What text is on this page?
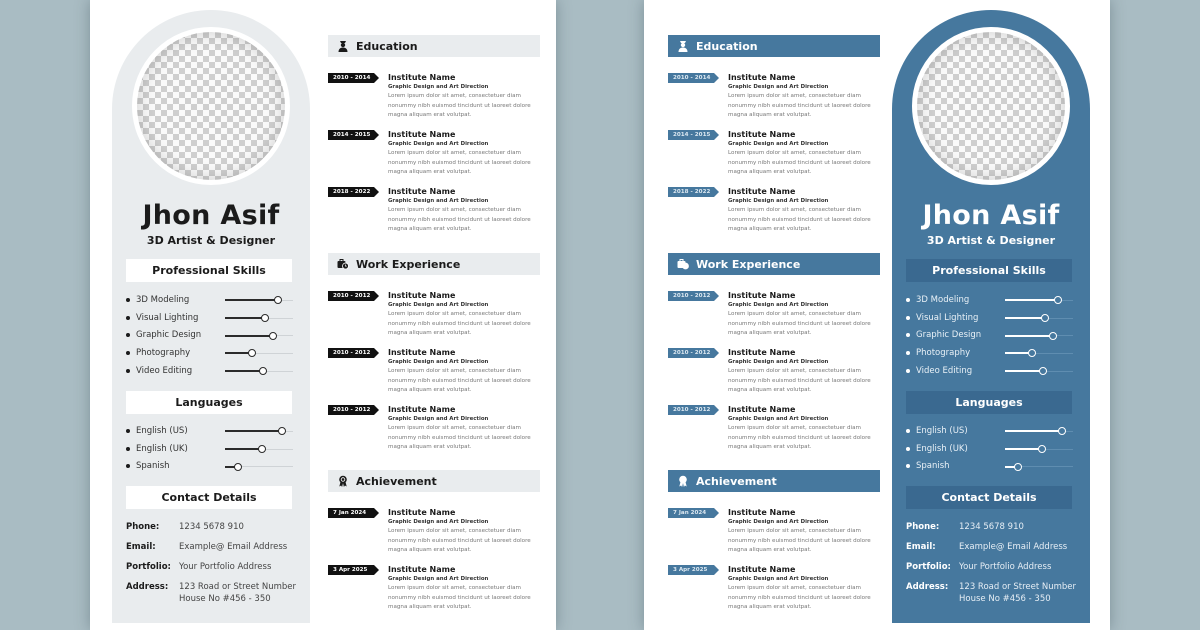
Jhon Asif
3D Artist & Designer
Professional Skills
3D Modeling
Visual Lighting
Graphic Design
Photography
Video Editing
Languages
English (US)
English (UK)
Spanish
Contact Details
Phone:	1234 5678 910
Email:	Example@ Email Address
Portfolio: Your Portfolio Address
Address:	123 Road or Street Number House No #456 - 350
Education
2010 - 2014	Institute Name
Graphic Design and Art Direction
Lorem ipsum dolor sit amet, consectetuer diam nonummy nibh euismod tincidunt ut laoreet dolore magna aliquam erat volutpat.
2014 - 2015	Institute Name
Graphic Design and Art Direction
Lorem ipsum dolor sit amet, consectetuer diam nonummy nibh euismod tincidunt ut laoreet dolore magna aliquam erat volutpat.
2018 - 2022	Institute Name
Graphic Design and Art Direction
Lorem ipsum dolor sit amet, consectetuer diam nonummy nibh euismod tincidunt ut laoreet dolore magna aliquam erat volutpat.
Work Experience
2010 - 2012	Institute Name
Graphic Design and Art Direction
Lorem ipsum dolor sit amet, consectetuer diam nonummy nibh euismod tincidunt ut laoreet dolore magna aliquam erat volutpat.
2010 - 2012	Institute Name
Graphic Design and Art Direction
Lorem ipsum dolor sit amet, consectetuer diam nonummy nibh euismod tincidunt ut laoreet dolore magna aliquam erat volutpat.
2010 - 2012	Institute Name
Graphic Design and Art Direction
Lorem ipsum dolor sit amet, consectetuer diam nonummy nibh euismod tincidunt ut laoreet dolore magna aliquam erat volutpat.
Achievement
7 Jan 2024	Institute Name
Graphic Design and Art Direction
Lorem ipsum dolor sit amet, consectetuer diam nonummy nibh euismod tincidunt ut laoreet dolore magna aliquam erat volutpat.
3 Apr 2025	Institute Name
Graphic Design and Art Direction
Lorem ipsum dolor sit amet, consectetuer diam nonummy nibh euismod tincidunt ut laoreet dolore magna aliquam erat volutpat.
Jhon Asif
3D Artist & Designer
Professional Skills
3D Modeling
Visual Lighting
Graphic Design
Photography
Video Editing
Languages
English (US)
English (UK)
Spanish
Contact Details
Phone:	1234 5678 910
Email:	Example@ Email Address
Portfolio: Your Portfolio Address
Address:	123 Road or Street Number House No #456 - 350
Education
2010 - 2014	Institute Name
Graphic Design and Art Direction
Lorem ipsum dolor sit amet, consectetuer diam nonummy nibh euismod tincidunt ut laoreet dolore magna aliquam erat volutpat.
2014 - 2015	Institute Name
Graphic Design and Art Direction
Lorem ipsum dolor sit amet, consectetuer diam nonummy nibh euismod tincidunt ut laoreet dolore magna aliquam erat volutpat.
2018 - 2022	Institute Name
Graphic Design and Art Direction
Lorem ipsum dolor sit amet, consectetuer diam nonummy nibh euismod tincidunt ut laoreet dolore magna aliquam erat volutpat.
Work Experience
2010 - 2012	Institute Name
Graphic Design and Art Direction
Lorem ipsum dolor sit amet, consectetuer diam nonummy nibh euismod tincidunt ut laoreet dolore magna aliquam erat volutpat.
2010 - 2012	Institute Name
Graphic Design and Art Direction
Lorem ipsum dolor sit amet, consectetuer diam nonummy nibh euismod tincidunt ut laoreet dolore magna aliquam erat volutpat.
2010 - 2012	Institute Name
Graphic Design and Art Direction
Lorem ipsum dolor sit amet, consectetuer diam nonummy nibh euismod tincidunt ut laoreet dolore magna aliquam erat volutpat.
Achievement
7 Jan 2024	Institute Name
Graphic Design and Art Direction
Lorem ipsum dolor sit amet, consectetuer diam nonummy nibh euismod tincidunt ut laoreet dolore magna aliquam erat volutpat.
3 Apr 2025	Institute Name
Graphic Design and Art Direction
Lorem ipsum dolor sit amet, consectetuer diam nonummy nibh euismod tincidunt ut laoreet dolore magna aliquam erat volutpat.
